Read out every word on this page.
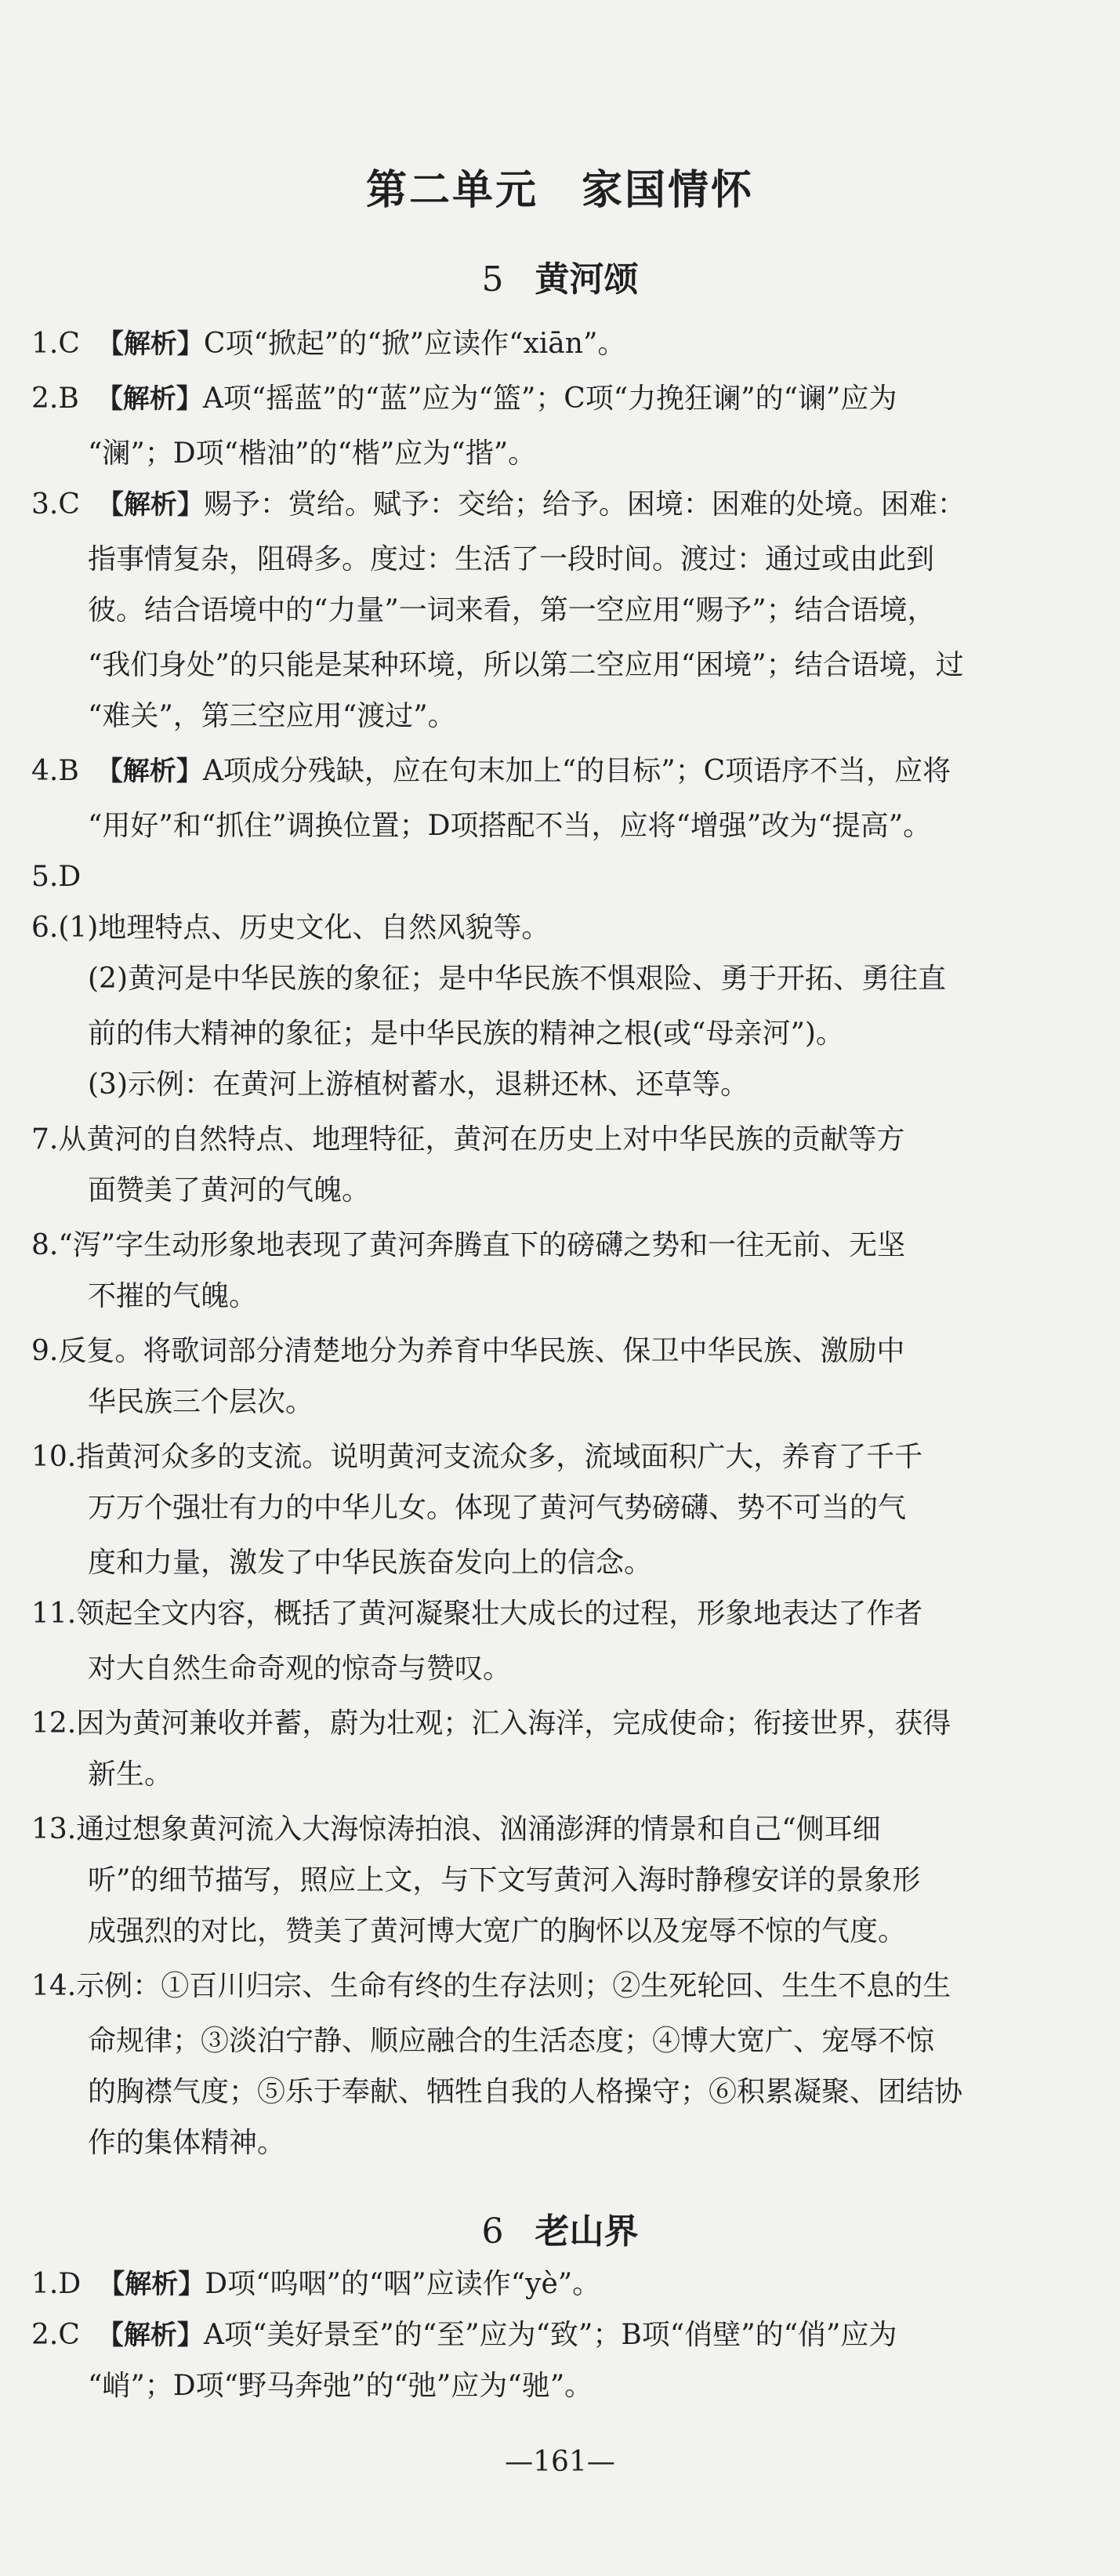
第二单元　家国情怀
5 黄河颂
1.C 【解析】C项“掀起”的“掀”应读作“xiān”。
2.B 【解析】A项“摇蓝”的“蓝”应为“篮”；C项“力挽狂谰”的“谰”应为
“澜”；D项“楷油”的“楷”应为“揩”。
3.C 【解析】赐予：赏给。赋予：交给；给予。困境：困难的处境。困难：
指事情复杂，阻碍多。度过：生活了一段时间。渡过：通过或由此到
彼。结合语境中的“力量”一词来看，第一空应用“赐予”；结合语境，
“我们身处”的只能是某种环境，所以第二空应用“困境”；结合语境，过
“难关”，第三空应用“渡过”。
4.B 【解析】A项成分残缺，应在句末加上“的目标”；C项语序不当，应将
“用好”和“抓住”调换位置；D项搭配不当，应将“增强”改为“提高”。
5.D
6.(1)地理特点、历史文化、自然风貌等。
(2)黄河是中华民族的象征；是中华民族不惧艰险、勇于开拓、勇往直
前的伟大精神的象征；是中华民族的精神之根(或“母亲河”)。
(3)示例：在黄河上游植树蓄水，退耕还林、还草等。
7.从黄河的自然特点、地理特征，黄河在历史上对中华民族的贡献等方
面赞美了黄河的气魄。
8.“泻”字生动形象地表现了黄河奔腾直下的磅礴之势和一往无前、无坚
不摧的气魄。
9.反复。将歌词部分清楚地分为养育中华民族、保卫中华民族、激励中
华民族三个层次。
10.指黄河众多的支流。说明黄河支流众多，流域面积广大，养育了千千
万万个强壮有力的中华儿女。体现了黄河气势磅礴、势不可当的气
度和力量，激发了中华民族奋发向上的信念。
11.领起全文内容，概括了黄河凝聚壮大成长的过程，形象地表达了作者
对大自然生命奇观的惊奇与赞叹。
12.因为黄河兼收并蓄，蔚为壮观；汇入海洋，完成使命；衔接世界，获得
新生。
13.通过想象黄河流入大海惊涛拍浪、汹涌澎湃的情景和自己“侧耳细
听”的细节描写，照应上文，与下文写黄河入海时静穆安详的景象形
成强烈的对比，赞美了黄河博大宽广的胸怀以及宠辱不惊的气度。
14.示例：①百川归宗、生命有终的生存法则；②生死轮回、生生不息的生
命规律；③淡泊宁静、顺应融合的生活态度；④博大宽广、宠辱不惊
的胸襟气度；⑤乐于奉献、牺牲自我的人格操守；⑥积累凝聚、团结协
作的集体精神。
6 老山界
1.D 【解析】D项“呜咽”的“咽”应读作“yè”。
2.C 【解析】A项“美好景至”的“至”应为“致”；B项“俏壁”的“俏”应为
“峭”；D项“野马奔弛”的“弛”应为“驰”。
—161—
